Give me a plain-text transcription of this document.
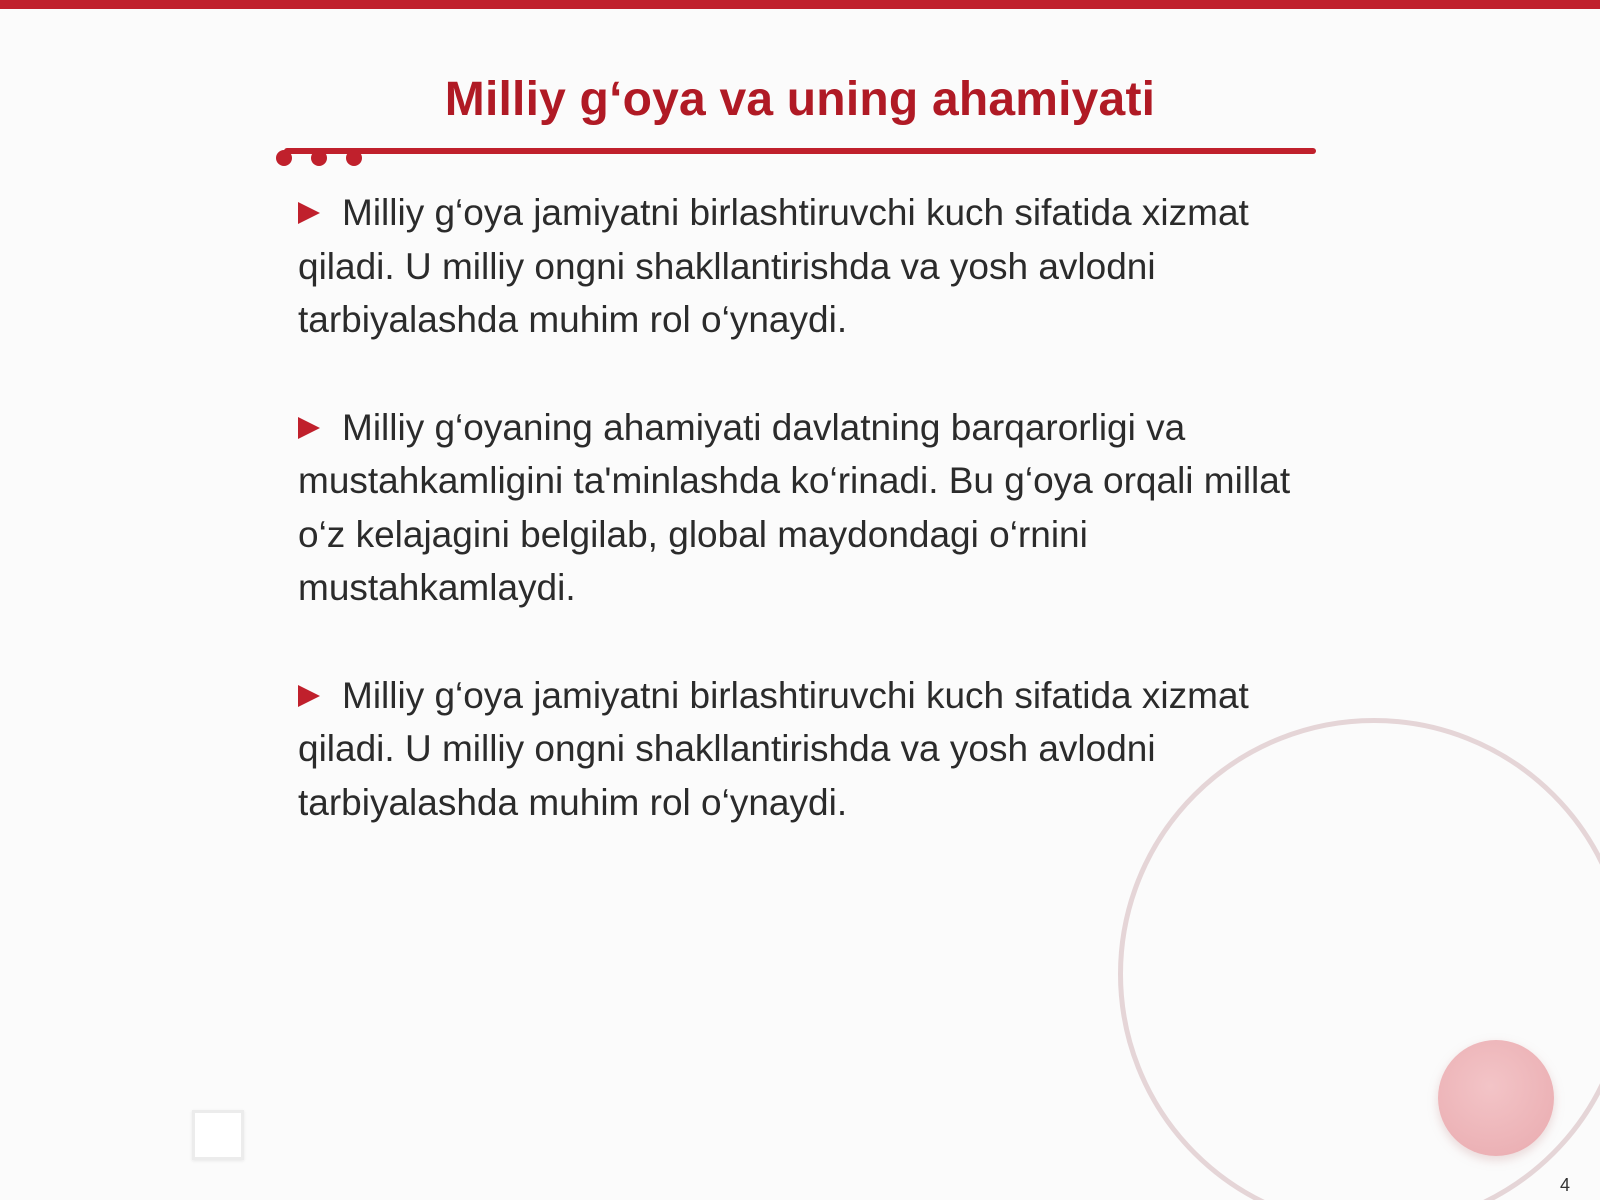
Milliy g‘oya va uning ahamiyati

Milliy g‘oya jamiyatni birlashtiruvchi kuch sifatida xizmat qiladi. U milliy ongni shakllantirishda va yosh avlodni tarbiyalashda muhim rol o‘ynaydi.

Milliy g‘oyaning ahamiyati davlatning barqarorligi va mustahkamligini ta'minlashda ko‘rinadi. Bu g‘oya orqali millat o‘z kelajagini belgilab, global maydondagi o‘rnini mustahkamlaydi.

Milliy g‘oya jamiyatni birlashtiruvchi kuch sifatida xizmat qiladi. U milliy ongni shakllantirishda va yosh avlodni tarbiyalashda muhim rol o‘ynaydi.

4
